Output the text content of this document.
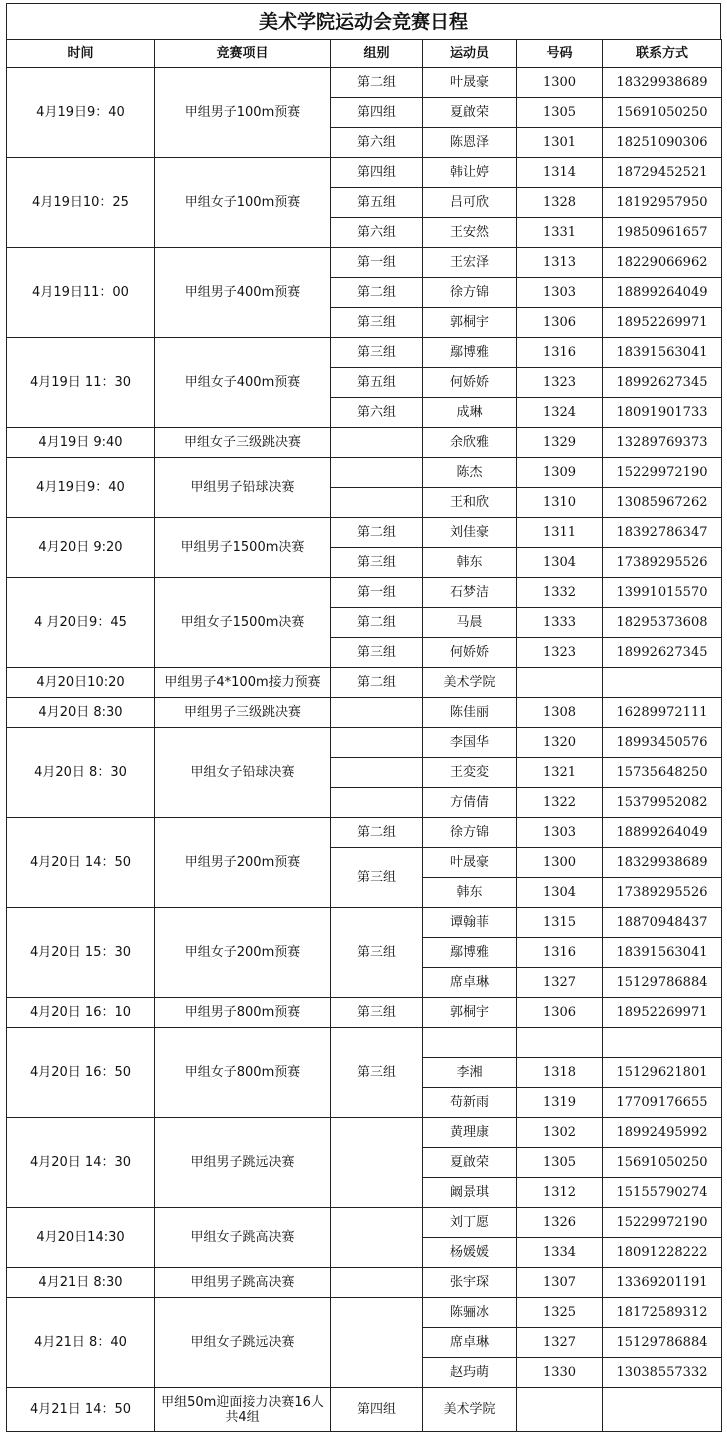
美术学院运动会竞赛日程
时间	竞赛项目	组别	运动员	号码	联系方式
4月19日9：40	甲组男子100m预赛	第二组	叶晟豪	1300	18329938689
		第四组	夏啟荣	1305	15691050250
		第六组	陈恩泽	1301	18251090306
4月19日10：25	甲组女子100m预赛	第四组	韩让婷	1314	18729452521
		第五组	吕可欣	1328	18192957950
		第六组	王安然	1331	19850961657
4月19日11：00	甲组男子400m预赛	第一组	王宏泽	1313	18229066962
		第二组	徐方锦	1303	18899264049
		第三组	郭桐宇	1306	18952269971
4月19日 11：30	甲组女子400m预赛	第三组	鄢博雅	1316	18391563041
		第五组	何娇娇	1323	18992627345
		第六组	成琳	1324	18091901733
4月19日 9:40	甲组女子三级跳决赛		余欣雅	1329	13289769373
4月19日9：40	甲组男子铅球决赛		陈杰	1309	15229972190
			王和欣	1310	13085967262
4月20日 9:20	甲组男子1500m决赛	第二组	刘佳豪	1311	18392786347
		第三组	韩东	1304	17389295526
4 月20日9：45	甲组女子1500m决赛	第一组	石梦洁	1332	13991015570
		第二组	马晨	1333	18295373608
		第三组	何娇娇	1323	18992627345
4月20日10:20	甲组男子4*100m接力预赛	第二组	美术学院		
4月20日 8:30	甲组男子三级跳决赛		陈佳丽	1308	16289972111
4月20日 8：30	甲组女子铅球决赛		李国华	1320	18993450576
			王変変	1321	15735648250
			方倩倩	1322	15379952082
4月20日 14：50	甲组男子200m预赛	第二组	徐方锦	1303	18899264049
		第三组	叶晟豪	1300	18329938689
			韩东	1304	17389295526
4月20日 15：30	甲组女子200m预赛	第三组	谭翰菲	1315	18870948437
			鄢博雅	1316	18391563041
			席卓琳	1327	15129786884
4月20日 16：10	甲组男子800m预赛	第三组	郭桐宇	1306	18952269971
4月20日 16：50	甲组女子800m预赛	第三组			
			李湘	1318	15129621801
			苟新雨	1319	17709176655
4月20日 14：30	甲组男子跳远决赛		黄理康	1302	18992495992
			夏啟荣	1305	15691050250
			阚景琪	1312	15155790274
4月20日14:30	甲组女子跳高决赛		刘丁愿	1326	15229972190
			杨媛媛	1334	18091228222
4月21日 8:30	甲组男子跳高决赛		张宇琛	1307	13369201191
4月21日 8：40	甲组女子跳远决赛		陈骊冰	1325	18172589312
			席卓琳	1327	15129786884
			赵玙萌	1330	13038557332
4月21日 14：50	甲组50m迎面接力决赛16人共4组	第四组	美术学院		
